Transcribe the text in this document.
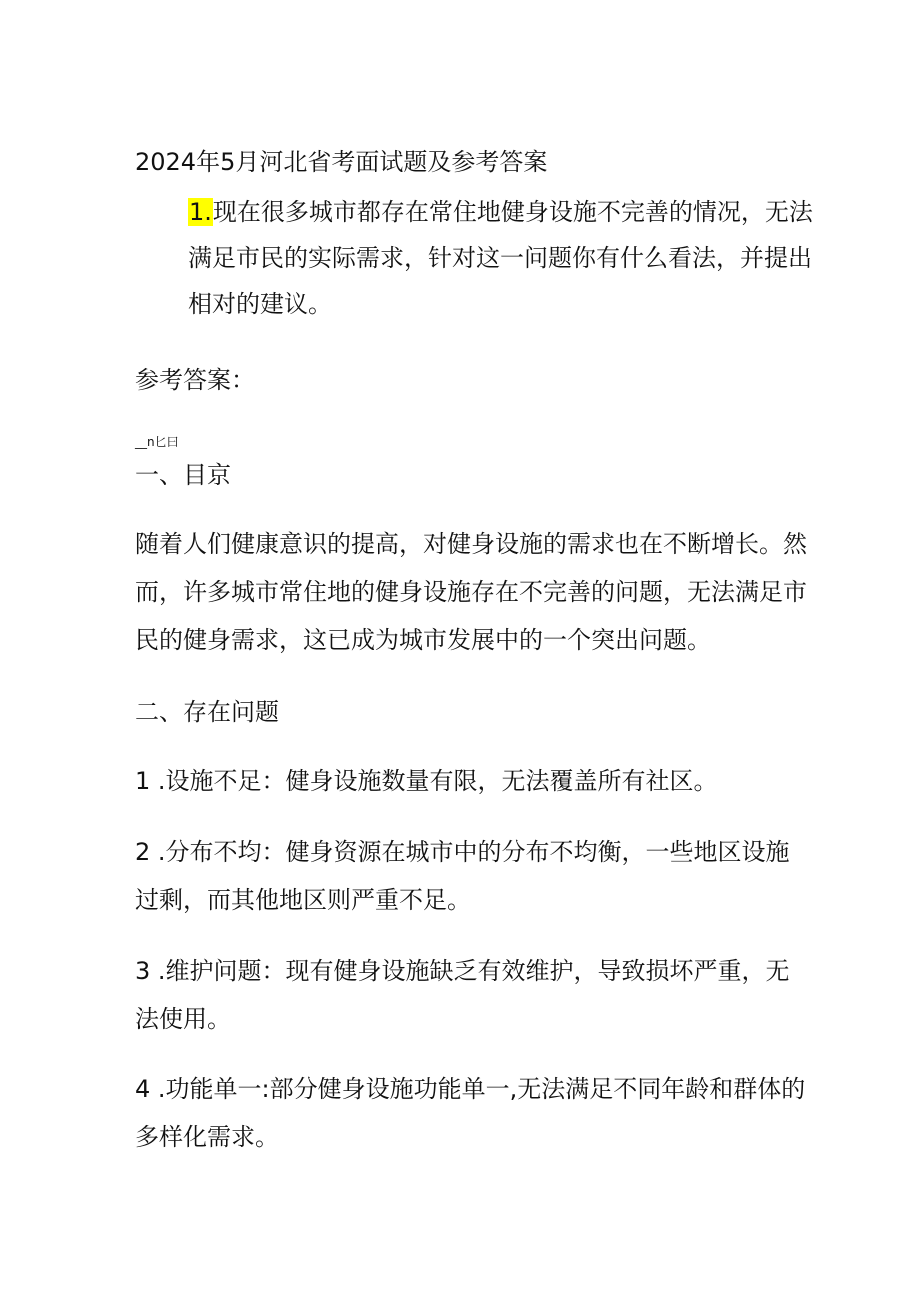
2024年5月河北省考面试题及参考答案
1.现在很多城市都存在常住地健身设施不完善的情况，无法
满足市民的实际需求，针对这一问题你有什么看法，并提出
相对的建议。
参考答案：
__n匕曰
一、目京
随着人们健康意识的提高，对健身设施的需求也在不断增长。然
而，许多城市常住地的健身设施存在不完善的问题，无法满足市
民的健身需求，这已成为城市发展中的一个突出问题。
二、存在问题
1 .设施不足：健身设施数量有限，无法覆盖所有社区。
2 .分布不均：健身资源在城市中的分布不均衡，一些地区设施
过剩，而其他地区则严重不足。
3 .维护问题：现有健身设施缺乏有效维护，导致损坏严重，无
法使用。
4 .功能单一:部分健身设施功能单一,无法满足不同年龄和群体的
多样化需求。
